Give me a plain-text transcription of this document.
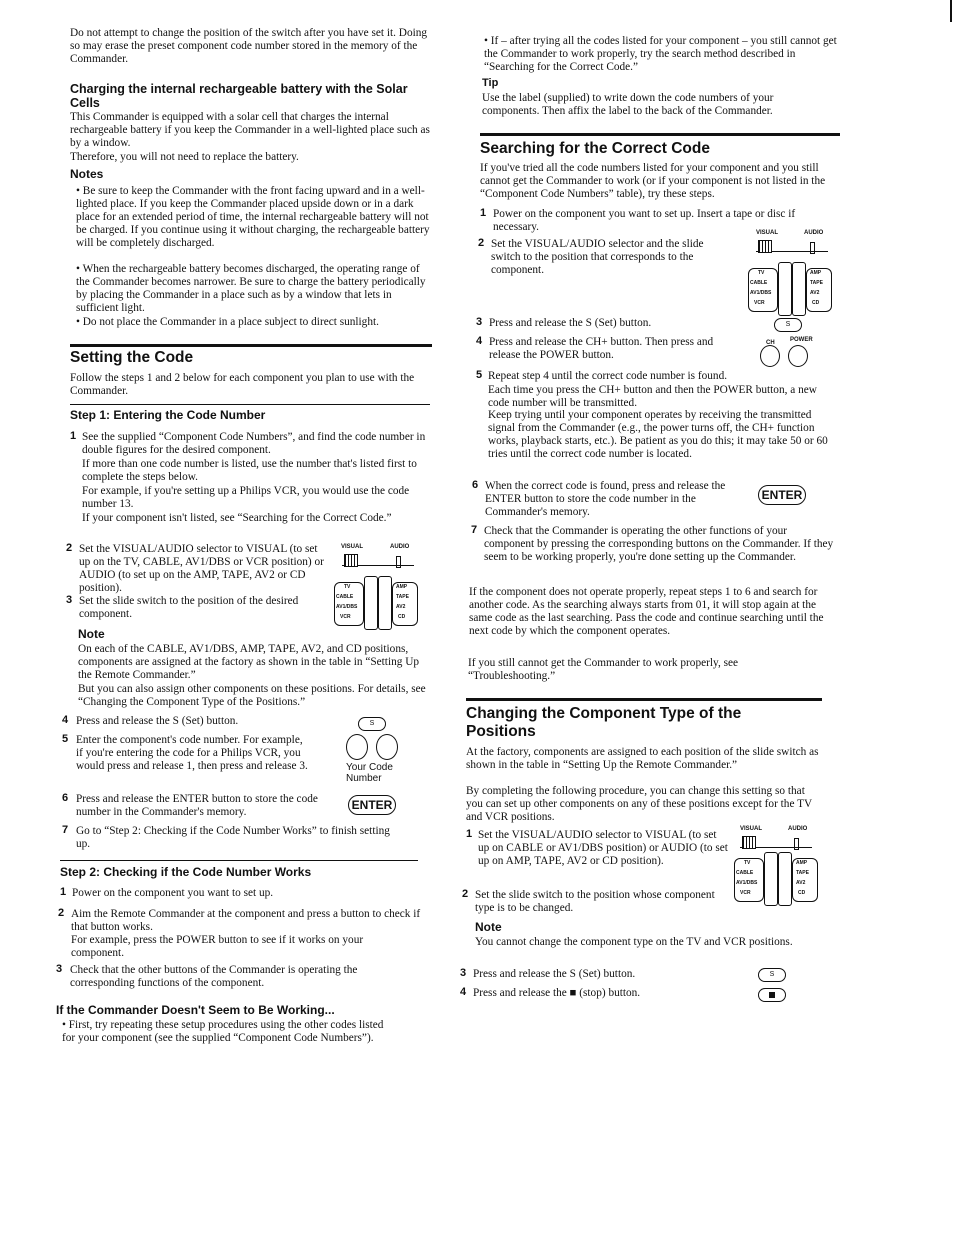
Do not attempt to change the position of the switch after you have set it. Doing so may erase the preset component code number stored in the memory of the Commander.

Charging the internal rechargeable battery with the Solar Cells

This Commander is equipped with a solar cell that charges the internal rechargeable battery if you keep the Commander in a well-lighted place such as by a window.

Therefore, you will not need to replace the battery.

Notes

• Be sure to keep the Commander with the front facing upward and in a well-lighted place. If you keep the Commander placed upside down or in a dark place for an extended period of time, the internal rechargeable battery will not be charged. If you continue using it without charging, the rechargeable battery will be completely discharged.

• When the rechargeable battery becomes discharged, the operating range of the Commander becomes narrower. Be sure to charge the battery periodically by placing the Commander in a place such as by a window that lets in sufficient light.

• Do not place the Commander in a place subject to direct sunlight.

Setting the Code

Follow the steps 1 and 2 below for each component you plan to use with the Commander.

Step 1: Entering the Code Number

1 See the supplied “Component Code Numbers”, and find the code number in double figures for the desired component.

If more than one code number is listed, use the number that's listed first to complete the steps below.

For example, if you're setting up a Philips VCR, you would use the code number 13.

If your component isn't listed, see “Searching for the Correct Code.”

2 Set the VISUAL/AUDIO selector to VISUAL (to set up on the TV, CABLE, AV1/DBS or VCR position) or AUDIO (to set up on the AMP, TAPE, AV2 or CD position).

3 Set the slide switch to the position of the desired component.

VISUAL	AUDIO
TV
CABLE
AV1/DBS
VCR
AMP
TAPE
AV2
CD

Note

On each of the CABLE, AV1/DBS, AMP, TAPE, AV2, and CD positions, components are assigned at the factory as shown in the table in “Setting Up the Remote Commander.”

But you can also assign other components on these positions. For details, see “Changing the Component Type of the Positions.”

4 Press and release the S (Set) button.	S
5 Enter the component's code number. For example, if you're entering the code for a Philips VCR, you would press and release 1, then press and release 3.	Your Code Number

6 Press and release the ENTER button to store the code number in the Commander's memory.	ENTER
7 Go to “Step 2: Checking if the Code Number Works” to finish setting up.

Step 2: Checking if the Code Number Works

1 Power on the component you want to set up.

2 Aim the Remote Commander at the component and press a button to check if that button works.

For example, press the POWER button to see if it works on your component.

3 Check that the other buttons of the Commander is operating the corresponding functions of the component.

If the Commander Doesn't Seem to Be Working...

• First, try repeating these setup procedures using the other codes listed for your component (see the supplied “Component Code Numbers”).

• If – after trying all the codes listed for your component – you still cannot get the Commander to work properly, try the search method described in “Searching for the Correct Code.”

Tip

Use the label (supplied) to write down the code numbers of your components. Then affix the label to the back of the Commander.

Searching for the Correct Code

If you've tried all the code numbers listed for your component and you still cannot get the Commander to work (or if your component is not listed in the “Component Code Numbers” table), try these steps.

1 Power on the component you want to set up. Insert a tape or disc if necessary.	VISUAL	AUDIO
2 Set the VISUAL/AUDIO selector and the slide switch to the position that corresponds to the component.	TV
CABLE
AV1/DBS
VCR
AMP
TAPE
AV2
CD
3 Press and release the S (Set) button.	S
4 Press and release the CH+ button. Then press and release the POWER button.

CH	POWER
5 Repeat step 4 until the correct code number is found.

Each time you press the CH+ button and then the POWER button, a new code number will be transmitted.

Keep trying until your component operates by receiving the transmitted signal from the Commander (e.g., the power turns off, the CH+ function works, playback starts, etc.). Be patient as you do this; it may take 50 or 60 tries until the correct code number is located.

6 When the correct code is found, press and release the ENTER button to store the code number in the Commander's memory.

ENTER
7 Check that the Commander is operating the other functions of your component by pressing the corresponding buttons on the Commander. If they seem to be working properly, you're done setting up the Commander.

If the component does not operate properly, repeat steps 1 to 6 and search for another code. As the searching always starts from 01, it will stop again at the same code as the last searching. Pass the code and continue searching until the next code by which the component operates.

If you still cannot get the Commander to work properly, see “Troubleshooting.”

Changing the Component Type of the Positions

At the factory, components are assigned to each position of the slide switch as shown in the table in “Setting Up the Remote Commander.”

By completing the following procedure, you can change this setting so that you can set up other components on any of these positions except for the TV and VCR positions.

1 Set the VISUAL/AUDIO selector to VISUAL (to set up on CABLE or AV1/DBS position) or AUDIO (to set up on AMP, TAPE, AV2 or CD position).

VISUAL	AUDIO
TV
CABLE
AV1/DBS
VCR
AMP
TAPE
AV2
CD
2 Set the slide switch to the position whose component type is to be changed.

Note

You cannot change the component type on the TV and VCR positions.

3 Press and release the S (Set) button.	S
4 Press and release the ■ (stop) button.
